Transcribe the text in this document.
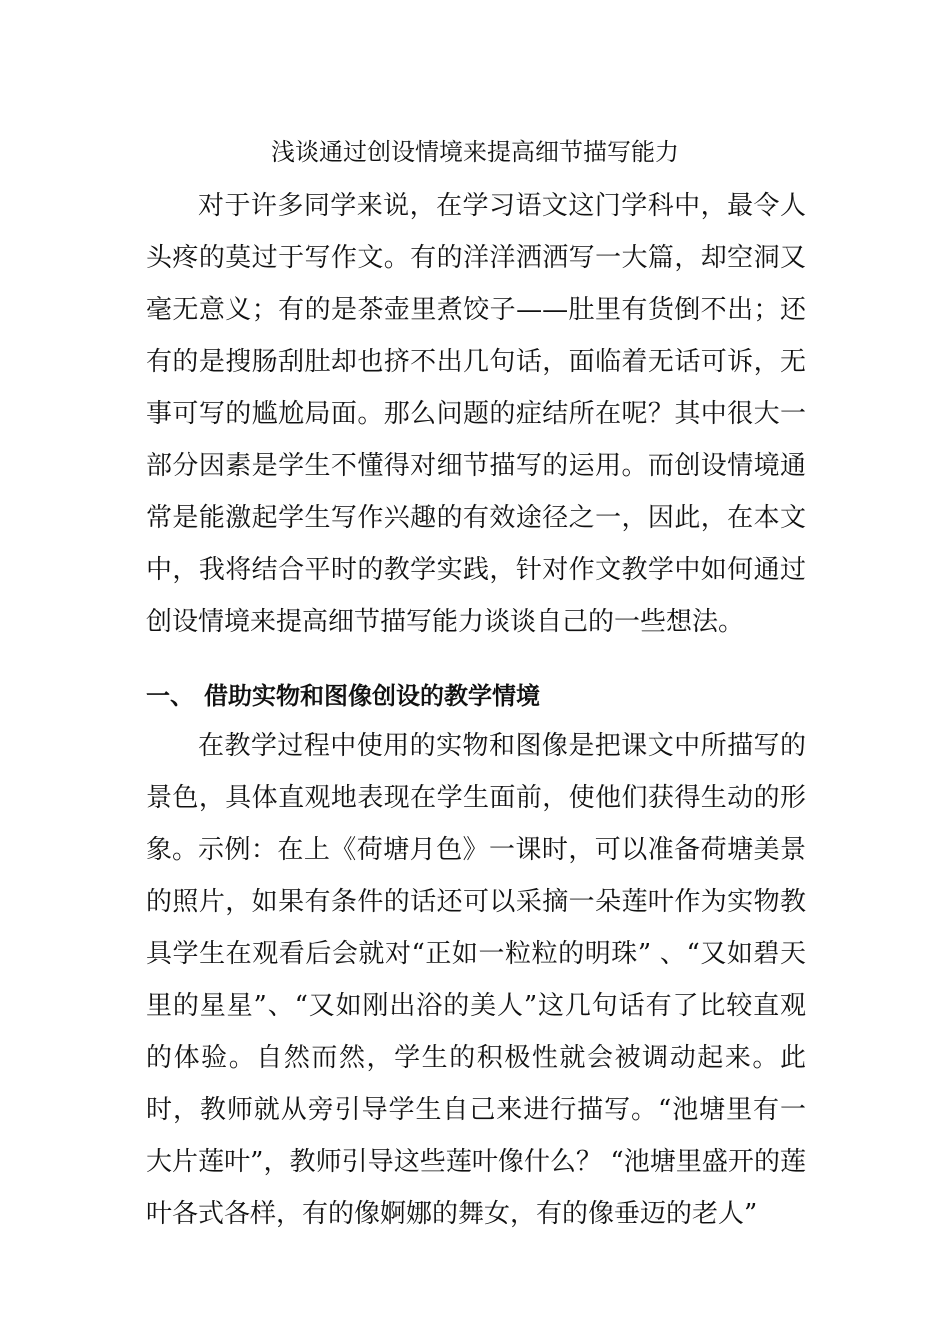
浅谈通过创设情境来提高细节描写能力

对于许多同学来说，在学习语文这门学科中，最令人头疼的莫过于写作文。有的洋洋洒洒写一大篇，却空洞又毫无意义；有的是茶壶里煮饺子——肚里有货倒不出；还有的是搜肠刮肚却也挤不出几句话，面临着无话可诉，无事可写的尴尬局面。那么问题的症结所在呢？其中很大一部分因素是学生不懂得对细节描写的运用。而创设情境通常是能激起学生写作兴趣的有效途径之一，因此，在本文中，我将结合平时的教学实践，针对作文教学中如何通过创设情境来提高细节描写能力谈谈自己的一些想法。

一、 借助实物和图像创设的教学情境

在教学过程中使用的实物和图像是把课文中所描写的景色，具体直观地表现在学生面前，使他们获得生动的形象。 示例：在上《荷塘月色》一课时，可以准备荷塘美景的照片，如果有条件的话还可以采摘一朵莲叶作为实物教具学生在观看后会就对“正如一粒粒的明珠” 、“又如碧天里的星星”、“又如刚出浴的美人”这几句话有了比较直观的体验。自然而然，学生的积极性就会被调动起来。此时，教师就从旁引导学生自己来进行描写。“池塘里有一大片莲叶”，教师引导这些莲叶像什么？ “池塘里盛开的莲叶各式各样，有的像婀娜的舞女，有的像垂迈的老人”
